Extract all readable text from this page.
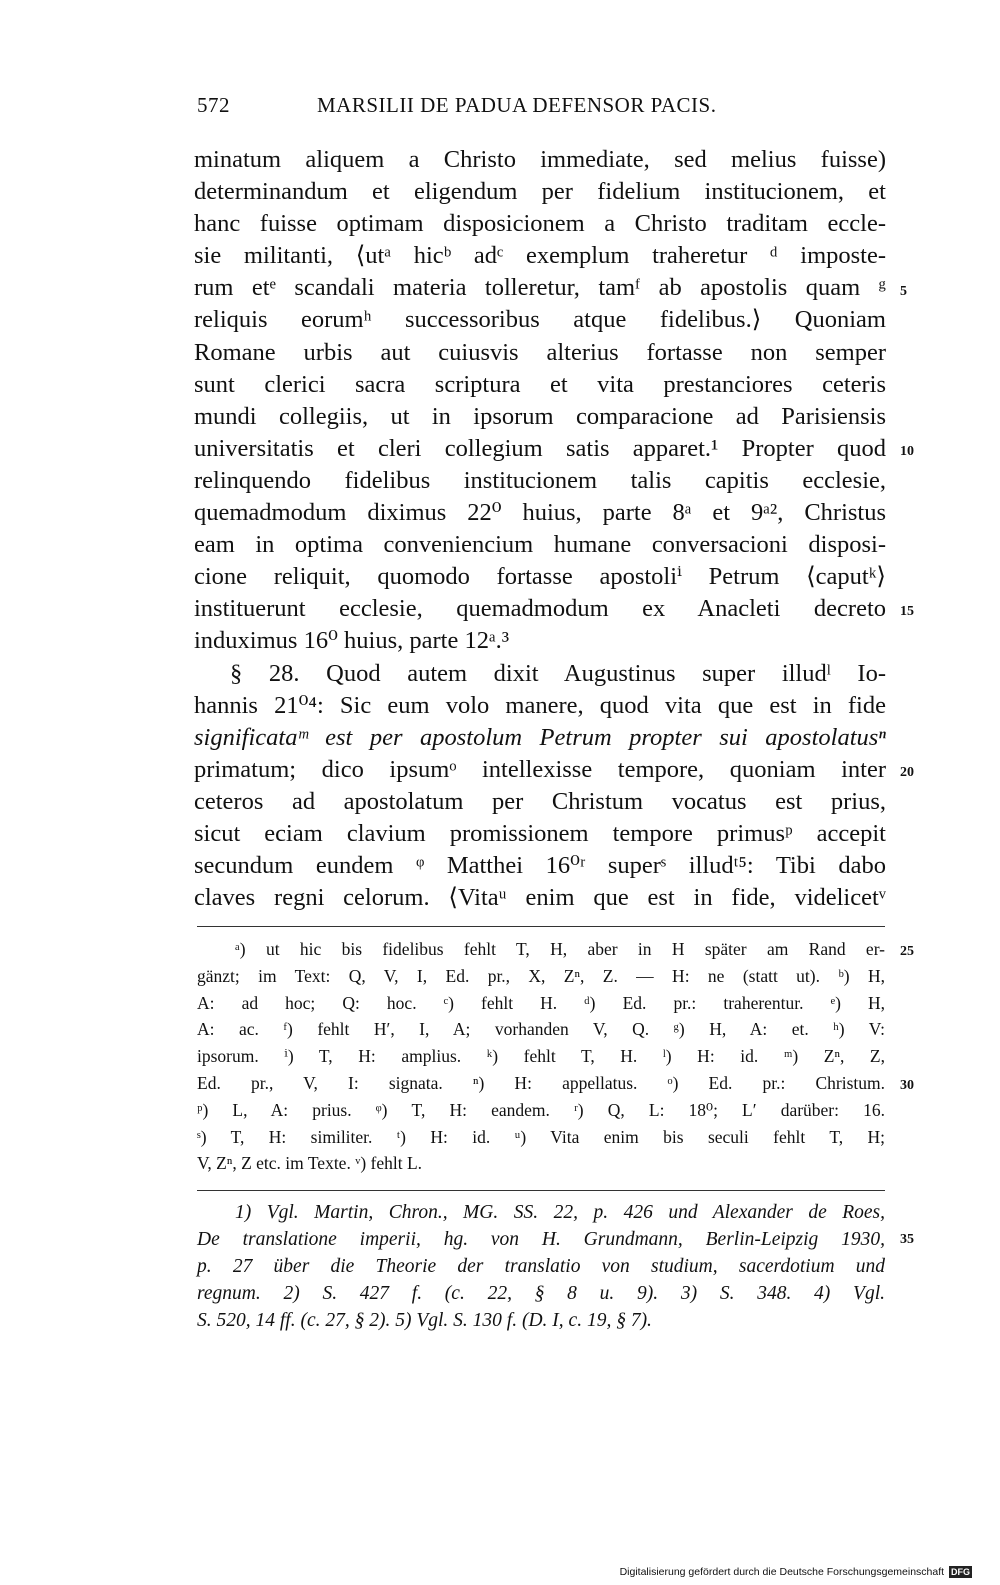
572	MARSILII DE PADUA DEFENSOR PACIS.
minatum aliquem a Christo immediate, sed melius fuisse)
determinandum et eligendum per fidelium institucionem, et
hanc fuisse optimam disposicionem a Christo traditam eccle-
sie militanti, ⟨utᵃ hicᵇ adᶜ exemplum traheretur ᵈ imposte-
rum etᵉ scandali materia tolleretur, tamᶠ ab apostolis quam ᵍ
reliquis eorumʰ successoribus atque fidelibus.⟩ Quoniam
Romane urbis aut cuiusvis alterius fortasse non semper
sunt clerici sacra scriptura et vita prestanciores ceteris
mundi collegiis, ut in ipsorum comparacione ad Parisiensis
universitatis et cleri collegium satis apparet.¹ Propter quod
relinquendo fidelibus institucionem talis capitis ecclesie,
quemadmodum diximus 22⁰ huius, parte 8ᵃ et 9ᵃ², Christus
eam in optima conveniencium humane conversacioni disposi-
cione reliquit, quomodo fortasse apostoliⁱ Petrum ⟨caputᵏ⟩
instituerunt ecclesie, quemadmodum ex Anacleti decreto
induximus 16⁰ huius, parte 12ᵃ.³
§ 28. Quod autem dixit Augustinus super illudˡ Io-
hannis 21⁰⁴: Sic eum volo manere, quod vita que est in fide
significataᵐ est per apostolum Petrum propter sui apostolatusⁿ
primatum; dico ipsumᵒ intellexisse tempore, quoniam inter
ceteros ad apostolatum per Christum vocatus est prius,
sicut eciam clavium promissionem tempore primusᵖ accepit
secundum eundem ᵠ Matthei 16⁰ʳ superˢ illudᵗ⁵: Tibi dabo
claves regni celorum. ⟨Vitaᵘ enim que est in fide, videlicetᵛ
5
10
15
20
ᵃ) ut hic bis fidelibus fehlt T, H, aber in H später am Rand er-
gänzt; im Text: Q, V, I, Ed. pr., X, Zⁿ, Z. — H: ne (statt ut). ᵇ) H,
A: ad hoc; Q: hoc. ᶜ) fehlt H. ᵈ) Ed. pr.: traherentur. ᵉ) H,
A: ac. ᶠ) fehlt H′, I, A; vorhanden V, Q. ᵍ) H, A: et. ʰ) V:
ipsorum. ⁱ) T, H: amplius. ᵏ) fehlt T, H. ˡ) H: id. ᵐ) Zⁿ, Z,
Ed. pr., V, I: signata. ⁿ) H: appellatus. ᵒ) Ed. pr.: Christum.
ᵖ) L, A: prius. ᵠ) T, H: eandem. ʳ) Q, L: 18⁰; L′ darüber: 16.
ˢ) T, H: similiter. ᵗ) H: id. ᵘ) Vita enim bis seculi fehlt T, H;
V, Zⁿ, Z etc. im Texte. ᵛ) fehlt L.
25
30
1) Vgl. Martin, Chron., MG. SS. 22, p. 426 und Alexander de Roes,
De translatione imperii, hg. von H. Grundmann, Berlin-Leipzig 1930,
p. 27 über die Theorie der translatio von studium, sacerdotium und
regnum. 2) S. 427 f. (c. 22, § 8 u. 9). 3) S. 348. 4) Vgl.
S. 520, 14 ff. (c. 27, § 2). 5) Vgl. S. 130 f. (D. I, c. 19, § 7).
35
Digitalisierung gefördert durch die Deutsche Forschungsgemeinschaft DFG
